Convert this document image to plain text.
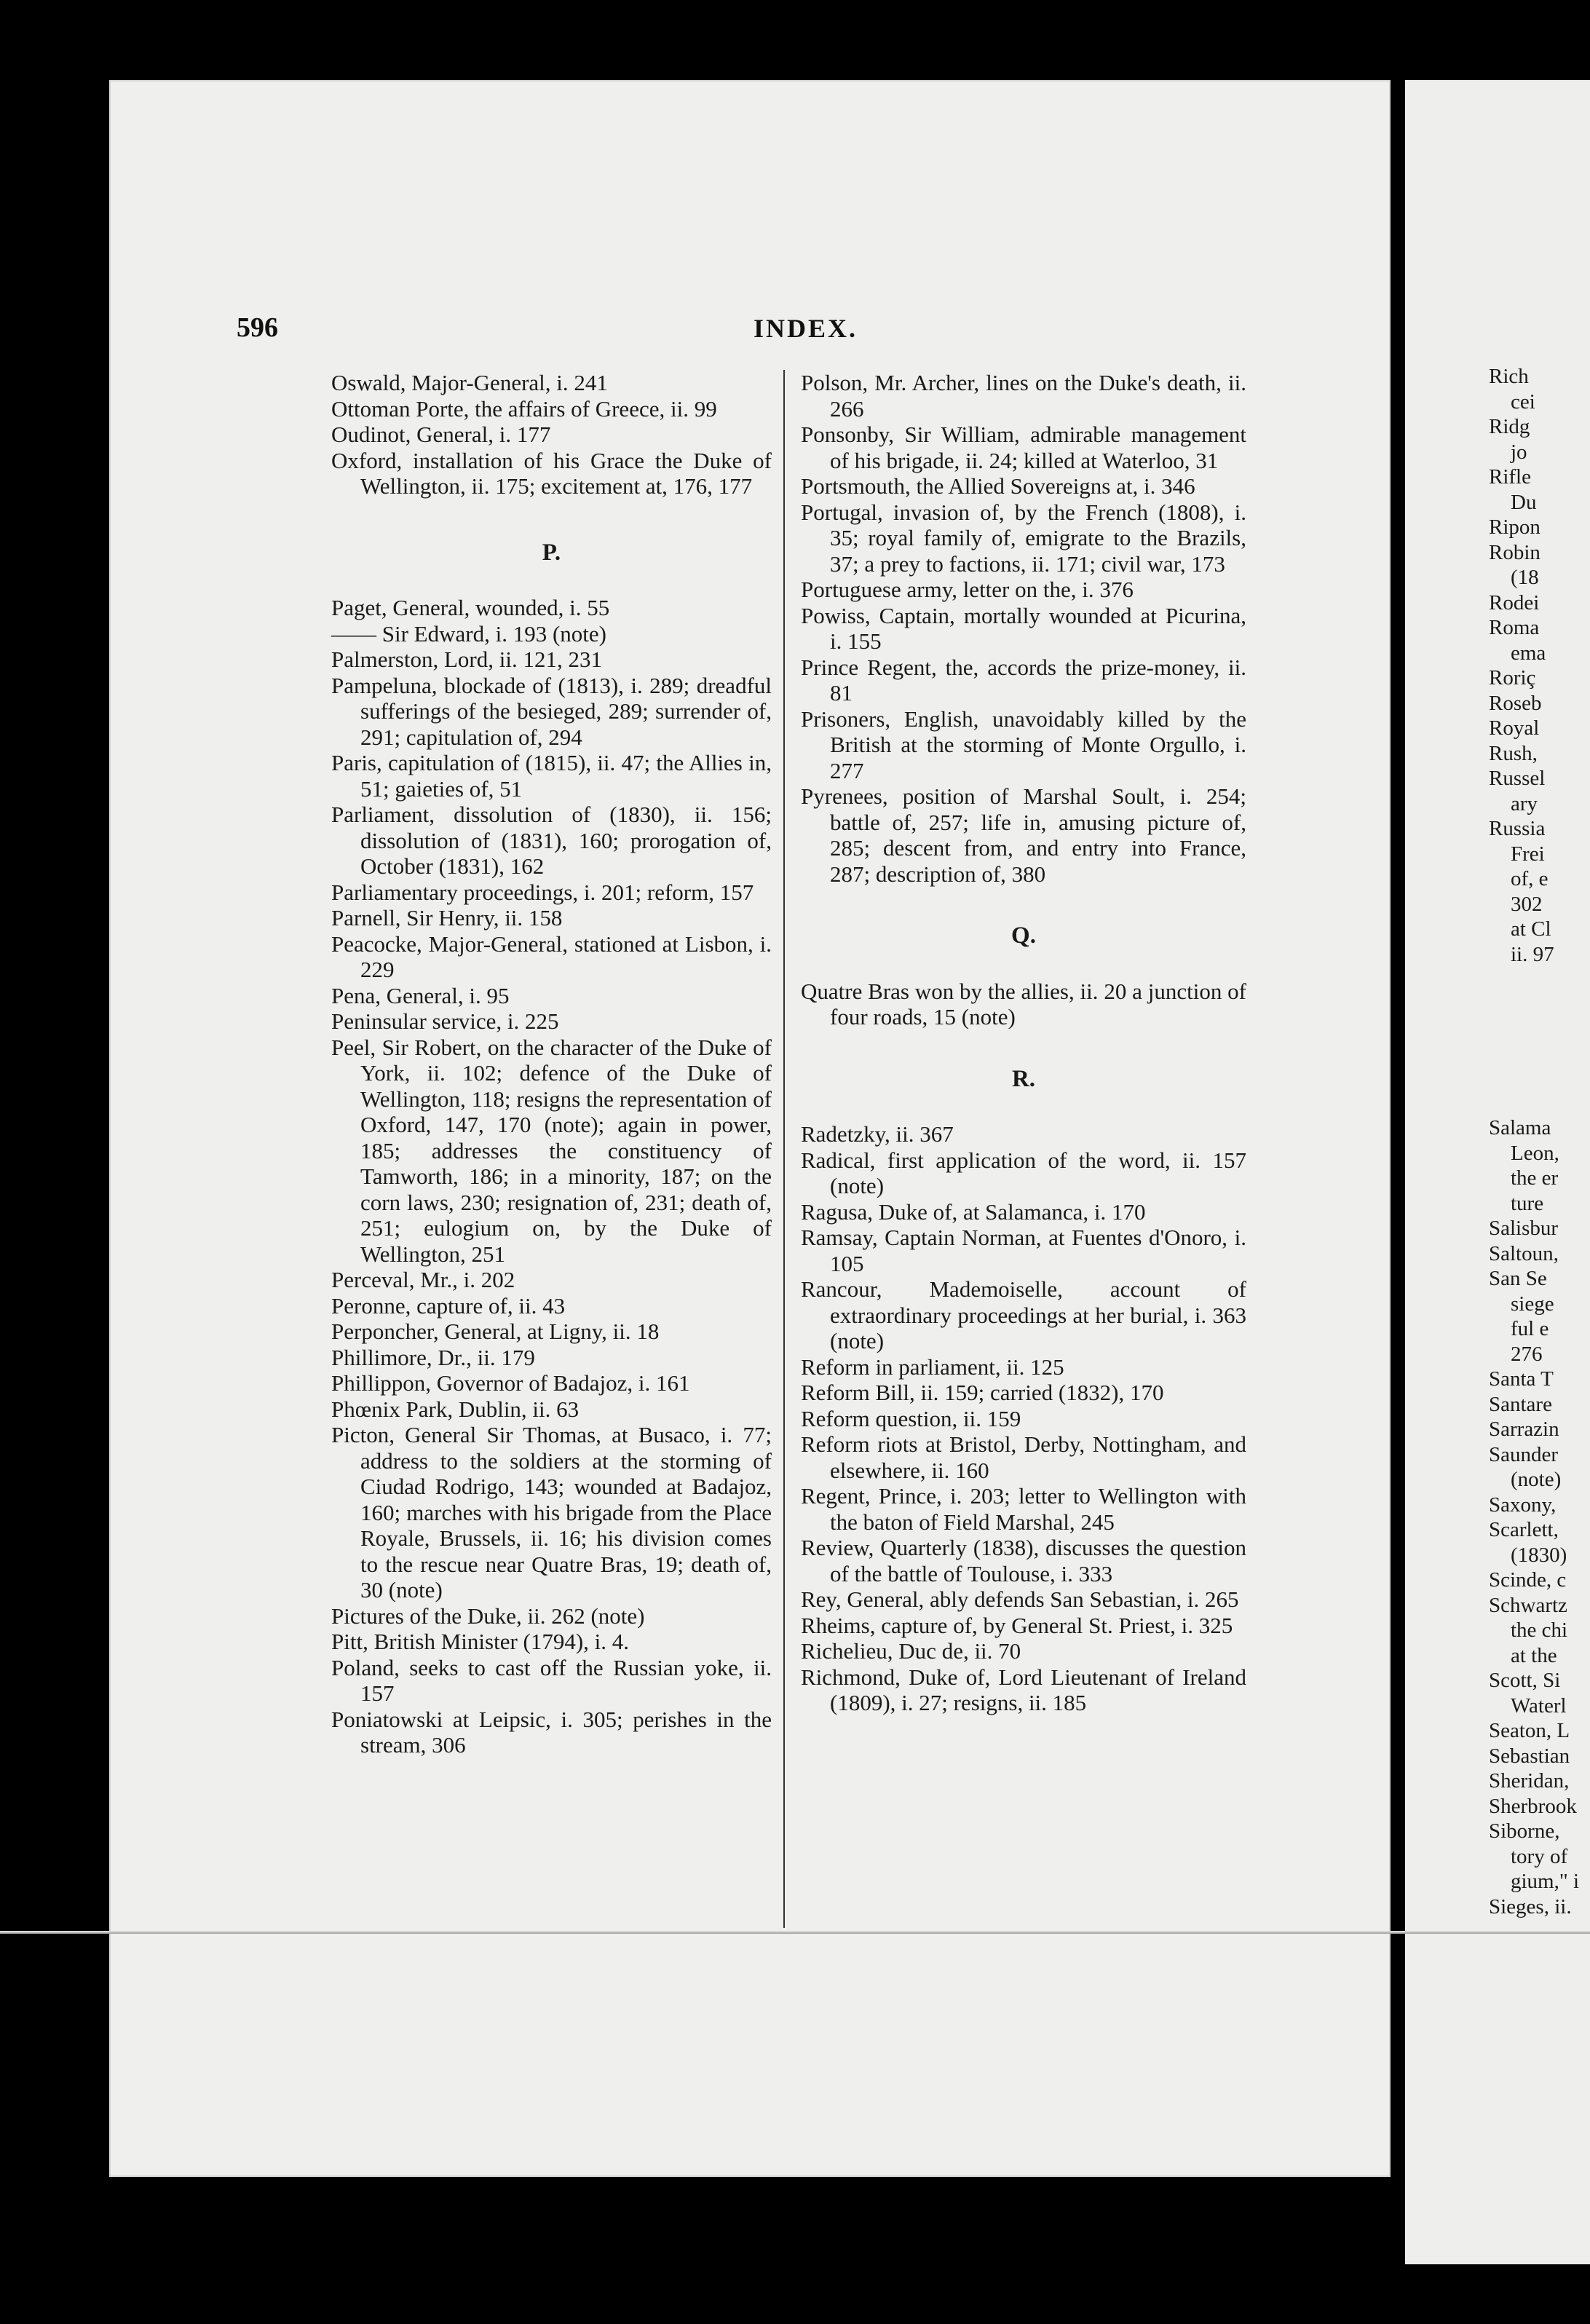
596	INDEX.

Oswald, Major-General, i. 241

Ottoman Porte, the affairs of Greece, ii. 99

Oudinot, General, i. 177

Oxford, installation of his Grace the Duke of Wellington, ii. 175; excitement at, 176, 177

P.

Paget, General, wounded, i. 55

—— Sir Edward, i. 193 (note)

Palmerston, Lord, ii. 121, 231

Pampeluna, blockade of (1813), i. 289; dreadful sufferings of the besieged, 289; surrender of, 291; capitulation of, 294

Paris, capitulation of (1815), ii. 47; the Allies in, 51; gaieties of, 51

Parliament, dissolution of (1830), ii. 156; dissolution of (1831), 160; prorogation of, October (1831), 162

Parliamentary proceedings, i. 201; reform, 157

Parnell, Sir Henry, ii. 158

Peacocke, Major-General, stationed at Lisbon, i. 229

Pena, General, i. 95

Peninsular service, i. 225

Peel, Sir Robert, on the character of the Duke of York, ii. 102; defence of the Duke of Wellington, 118; resigns the representation of Oxford, 147, 170 (note); again in power, 185; addresses the constituency of Tamworth, 186; in a minority, 187; on the corn laws, 230; resignation of, 231; death of, 251; eulogium on, by the Duke of Wellington, 251

Perceval, Mr., i. 202

Peronne, capture of, ii. 43

Perponcher, General, at Ligny, ii. 18

Phillimore, Dr., ii. 179

Phillippon, Governor of Badajoz, i. 161

Phœnix Park, Dublin, ii. 63

Picton, General Sir Thomas, at Busaco, i. 77; address to the soldiers at the storming of Ciudad Rodrigo, 143; wounded at Badajoz, 160; marches with his brigade from the Place Royale, Brussels, ii. 16; his division comes to the rescue near Quatre Bras, 19; death of, 30 (note)

Pictures of the Duke, ii. 262 (note)

Pitt, British Minister (1794), i. 4.

Poland, seeks to cast off the Russian yoke, ii. 157

Poniatowski at Leipsic, i. 305; perishes in the stream, 306

Polson, Mr. Archer, lines on the Duke's death, ii. 266

Ponsonby, Sir William, admirable management of his brigade, ii. 24; killed at Waterloo, 31

Portsmouth, the Allied Sovereigns at, i. 346

Portugal, invasion of, by the French (1808), i. 35; royal family of, emigrate to the Brazils, 37; a prey to factions, ii. 171; civil war, 173

Portuguese army, letter on the, i. 376

Powiss, Captain, mortally wounded at Picurina, i. 155

Prince Regent, the, accords the prize-money, ii. 81

Prisoners, English, unavoidably killed by the British at the storming of Monte Orgullo, i. 277

Pyrenees, position of Marshal Soult, i. 254; battle of, 257; life in, amusing picture of, 285; descent from, and entry into France, 287; description of, 380

Q.

Quatre Bras won by the allies, ii. 20 a junction of four roads, 15 (note)

R.

Radetzky, ii. 367

Radical, first application of the word, ii. 157 (note)

Ragusa, Duke of, at Salamanca, i. 170

Ramsay, Captain Norman, at Fuentes d'Onoro, i. 105

Rancour, Mademoiselle, account of extraordinary proceedings at her burial, i. 363 (note)

Reform in parliament, ii. 125

Reform Bill, ii. 159; carried (1832), 170

Reform question, ii. 159

Reform riots at Bristol, Derby, Nottingham, and elsewhere, ii. 160

Regent, Prince, i. 203; letter to Wellington with the baton of Field Marshal, 245

Review, Quarterly (1838), discusses the question of the battle of Toulouse, i. 333

Rey, General, ably defends San Sebastian, i. 265

Rheims, capture of, by General St. Priest, i. 325

Richelieu, Duc de, ii. 70

Richmond, Duke of, Lord Lieutenant of Ireland (1809), i. 27; resigns, ii. 185

Rich
cei
Ridg
jo
Rifle
Du
Ripon
Robin
(18
Rodei
Roma
ema
Roriç
Roseb
Royal
Rush,
Russel
ary
Russia
Frei
of, e
302
at Cl
ii. 97
Salama
Leon,
the er
ture
Salisbur
Saltoun,
San Se
siege
ful e
276
Santa T
Santare
Sarrazin
Saunder
(note)
Saxony,
Scarlett,
(1830)
Scinde, c
Schwartz
the chi
at the
Scott, Si
Waterl
Seaton, L
Sebastian
Sheridan,
Sherbrook
Siborne,
tory of
gium," i
Sieges, ii.
